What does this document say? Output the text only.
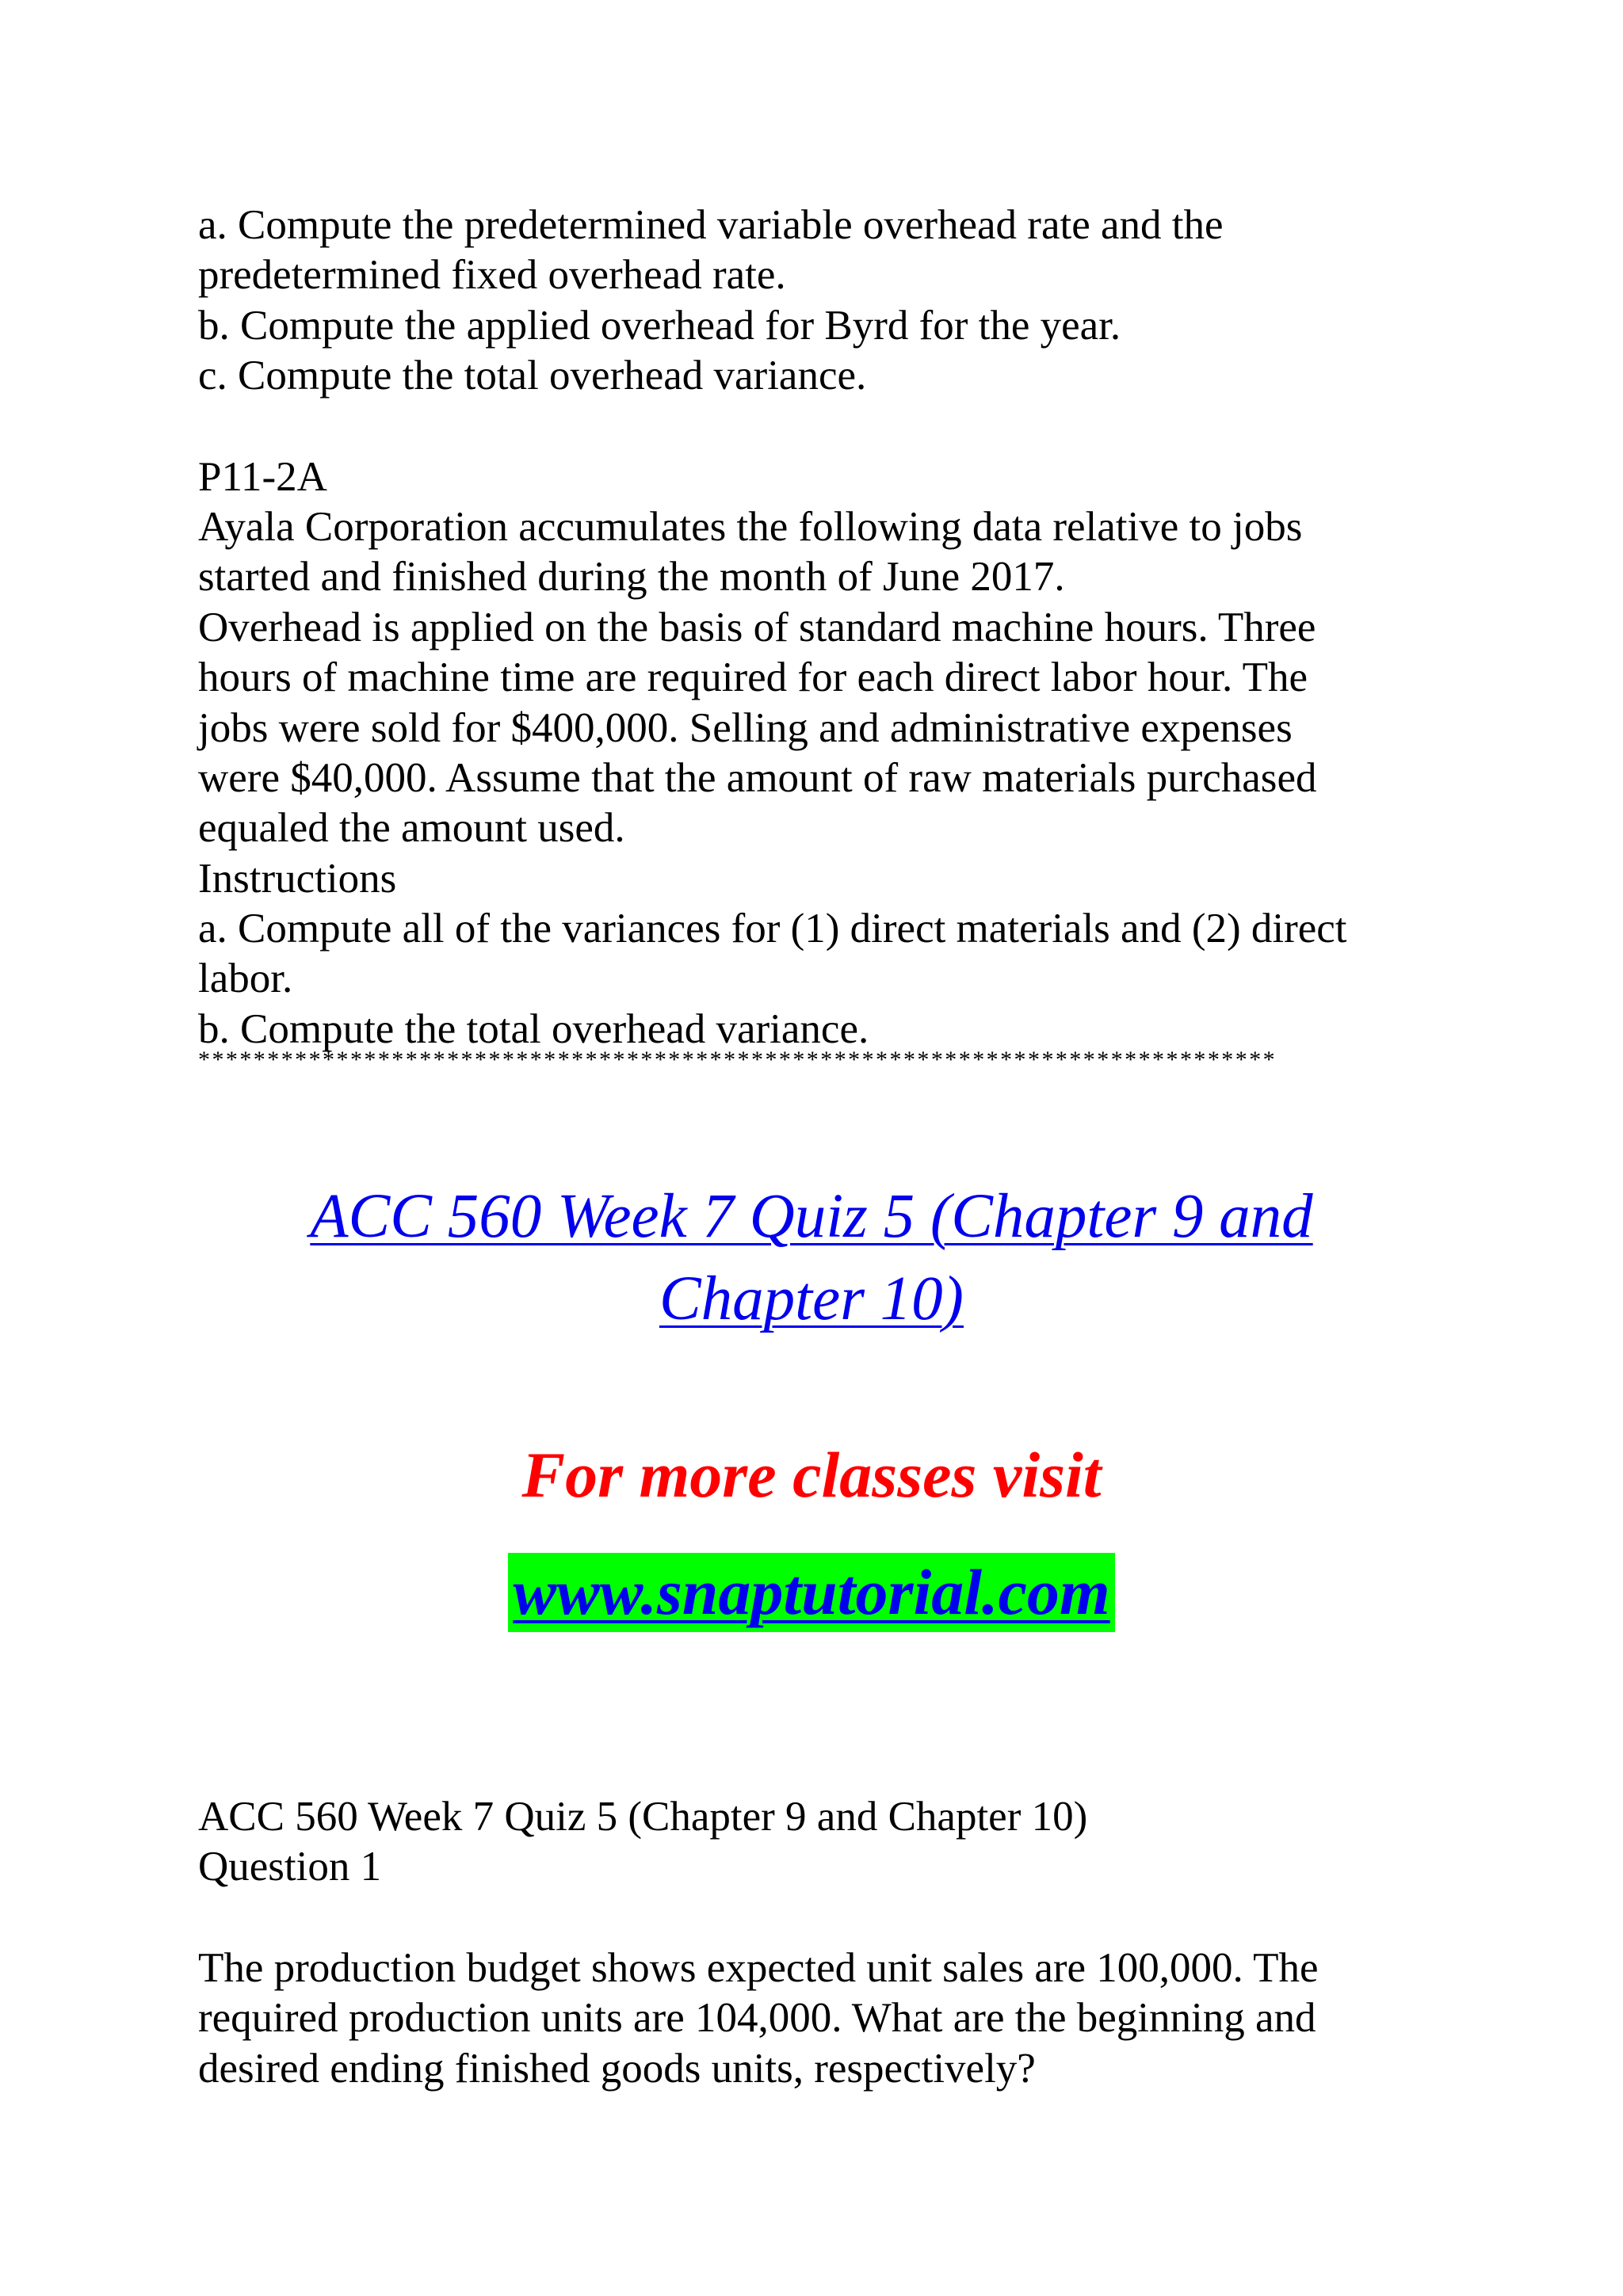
a. Compute the predetermined variable overhead rate and the
predetermined fixed overhead rate.
b. Compute the applied overhead for Byrd for the year.
c. Compute the total overhead variance.
P11-2A
Ayala Corporation accumulates the following data relative to jobs
started and finished during the month of June 2017.
Overhead is applied on the basis of standard machine hours. Three
hours of machine time are required for each direct labor hour. The
jobs were sold for $400,000. Selling and administrative expenses
were $40,000. Assume that the amount of raw materials purchased
equaled the amount used.
Instructions
a. Compute all of the variances for (1) direct materials and (2) direct
labor.
b. Compute the total overhead variance.
******************************************************************************
ACC 560 Week 7 Quiz 5 (Chapter 9 and
Chapter 10)
For more classes visit
www.snaptutorial.com
ACC 560 Week 7 Quiz 5 (Chapter 9 and Chapter 10)
Question 1
The production budget shows expected unit sales are 100,000. The
required production units are 104,000. What are the beginning and
desired ending finished goods units, respectively?
